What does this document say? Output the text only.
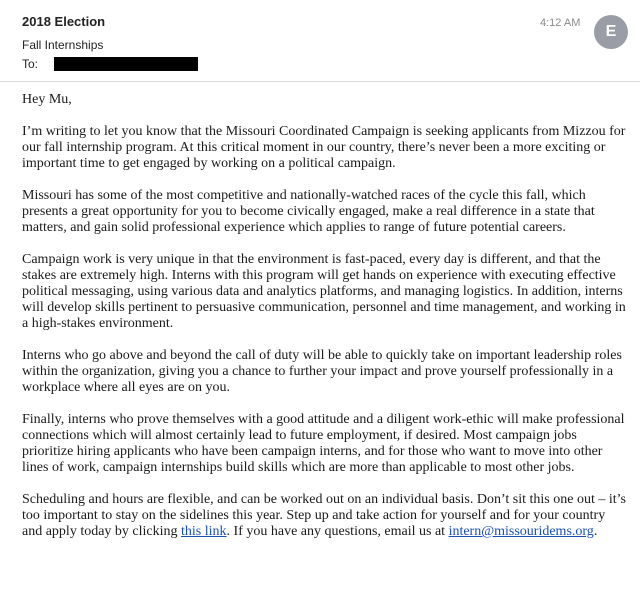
2018 Election
Fall Internships
To:
4:12 AM	E

Hey Mu,

I’m writing to let you know that the Missouri Coordinated Campaign is seeking applicants from Mizzou for our fall internship program. At this critical moment in our country, there’s never been a more exciting or important time to get engaged by working on a political campaign.

Missouri has some of the most competitive and nationally-watched races of the cycle this fall, which presents a great opportunity for you to become civically engaged, make a real difference in a state that matters, and gain solid professional experience which applies to range of future potential careers.

Campaign work is very unique in that the environment is fast-paced, every day is different, and that the stakes are extremely high. Interns with this program will get hands on experience with executing effective political messaging, using various data and analytics platforms, and managing logistics. In addition, interns will develop skills pertinent to persuasive communication, personnel and time management, and working in a high-stakes environment.

Interns who go above and beyond the call of duty will be able to quickly take on important leadership roles within the organization, giving you a chance to further your impact and prove yourself professionally in a workplace where all eyes are on you.

Finally, interns who prove themselves with a good attitude and a diligent work-ethic will make professional connections which will almost certainly lead to future employment, if desired. Most campaign jobs prioritize hiring applicants who have been campaign interns, and for those who want to move into other lines of work, campaign internships build skills which are more than applicable to most other jobs.

Scheduling and hours are flexible, and can be worked out on an individual basis. Don’t sit this one out – it’s too important to stay on the sidelines this year. Step up and take action for yourself and for your country and apply today by clicking this link. If you have any questions, email us at intern@missouridems.org.
